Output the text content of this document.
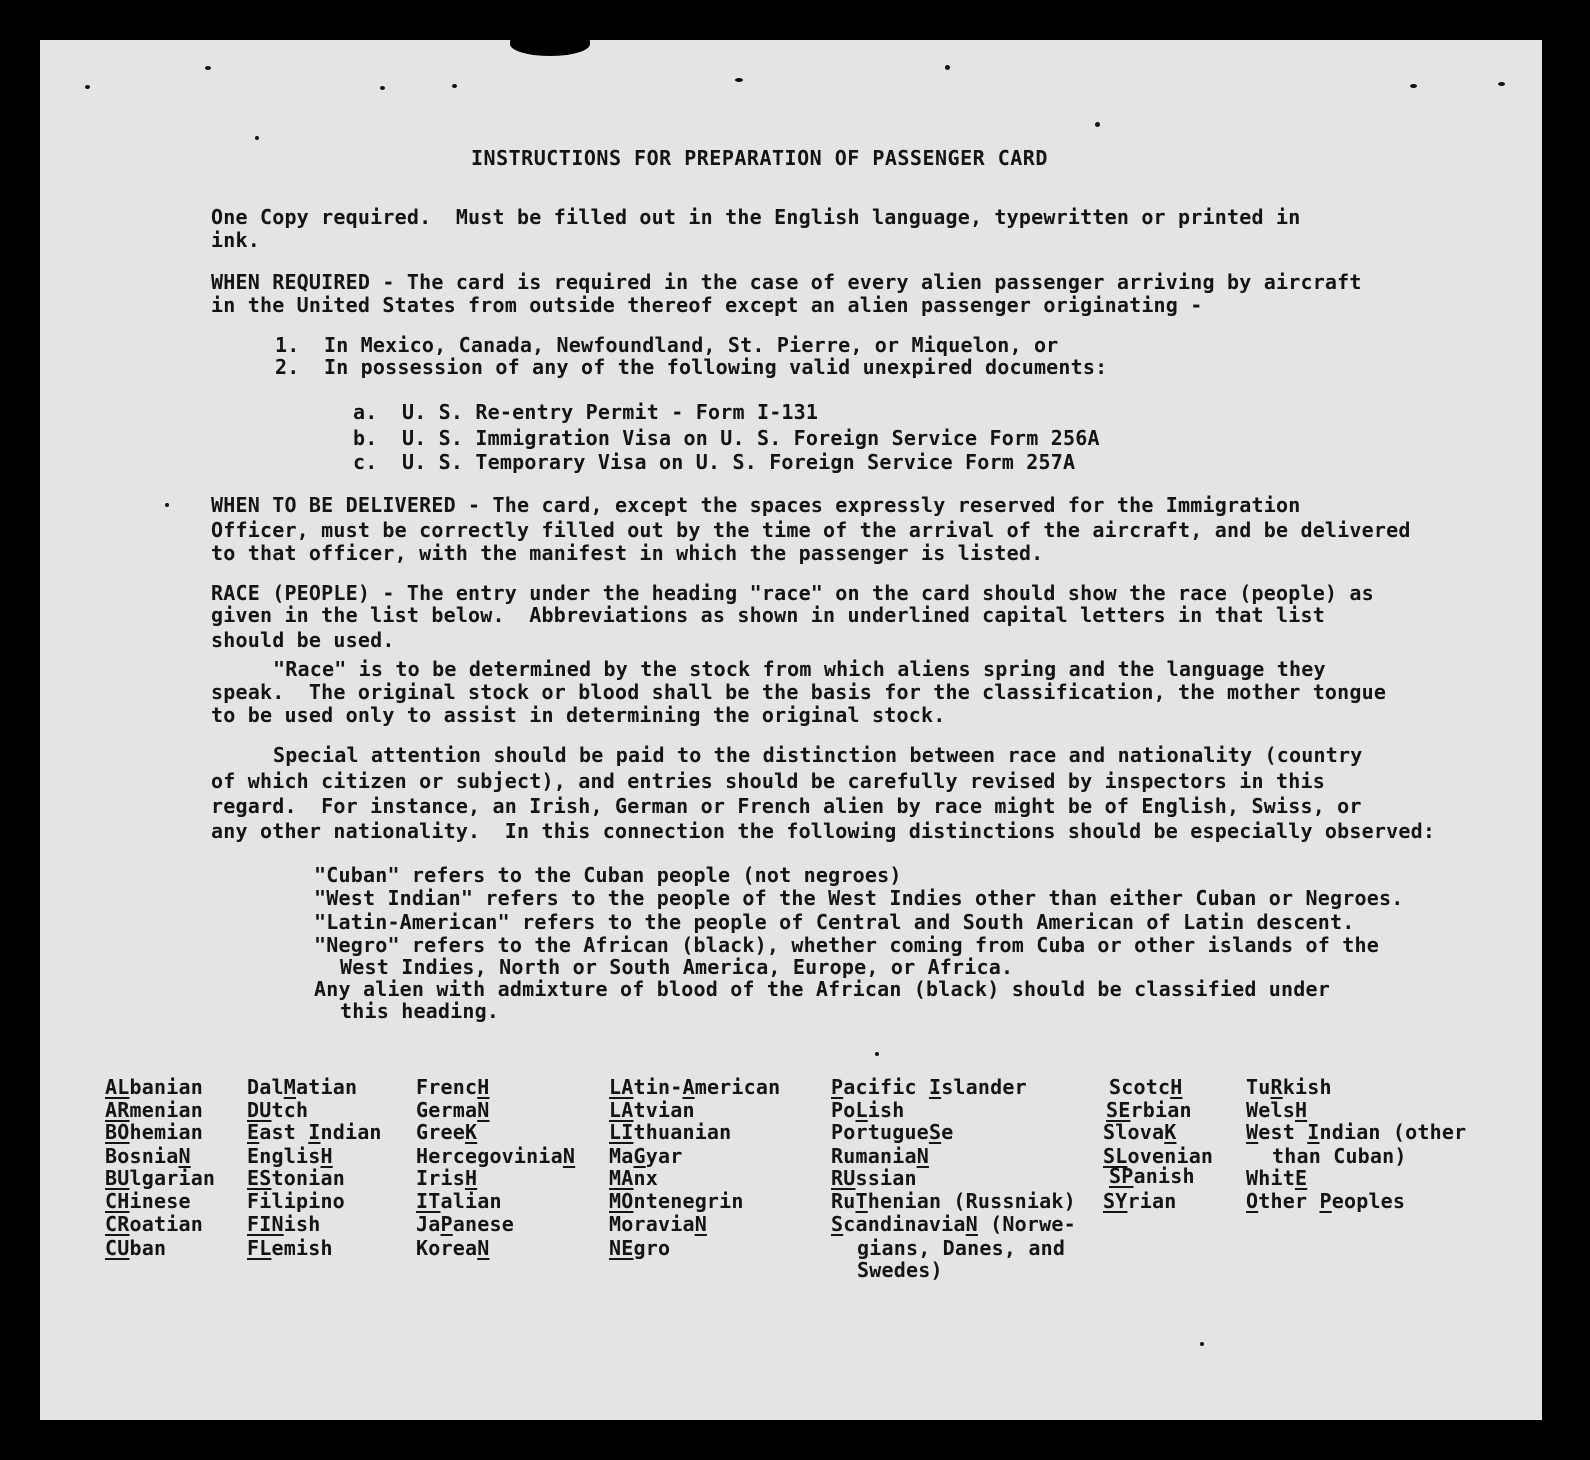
INSTRUCTIONS FOR PREPARATION OF PASSENGER CARD
One Copy required.  Must be filled out in the English language, typewritten or printed in
ink.
WHEN REQUIRED - The card is required in the case of every alien passenger arriving by aircraft
in the United States from outside thereof except an alien passenger originating -
1.  In Mexico, Canada, Newfoundland, St. Pierre, or Miquelon, or
2.  In possession of any of the following valid unexpired documents:
a.  U. S. Re-entry Permit - Form I-131
b.  U. S. Immigration Visa on U. S. Foreign Service Form 256A
c.  U. S. Temporary Visa on U. S. Foreign Service Form 257A
WHEN TO BE DELIVERED - The card, except the spaces expressly reserved for the Immigration
Officer, must be correctly filled out by the time of the arrival of the aircraft, and be delivered
to that officer, with the manifest in which the passenger is listed.
RACE (PEOPLE) - The entry under the heading "race" on the card should show the race (people) as
given in the list below.  Abbreviations as shown in underlined capital letters in that list
should be used.
"Race" is to be determined by the stock from which aliens spring and the language they
speak.  The original stock or blood shall be the basis for the classification, the mother tongue
to be used only to assist in determining the original stock.
Special attention should be paid to the distinction between race and nationality (country
of which citizen or subject), and entries should be carefully revised by inspectors in this
regard.  For instance, an Irish, German or French alien by race might be of English, Swiss, or
any other nationality.  In this connection the following distinctions should be especially observed:
"Cuban" refers to the Cuban people (not negroes)
"West Indian" refers to the people of the West Indies other than either Cuban or Negroes.
"Latin-American" refers to the people of Central and South American of Latin descent.
"Negro" refers to the African (black), whether coming from Cuba or other islands of the
West Indies, North or South America, Europe, or Africa.
Any alien with admixture of blood of the African (black) should be classified under
this heading.
ALbanian
ARmenian
BOhemian
BosniaN
BUlgarian
CHinese
CRoatian
CUban
DalMatian
DUtch
East Indian
EnglisH
EStonian
Filipino
FINish
FLemish
FrencH
GermaN
GreeK
HercegoviniaN
IrisH
ITalian
JaPanese
KoreaN
LAtin-American
LAtvian
LIthuanian
MaGyar
MAnx
MOntenegrin
MoraviaN
NEgro
Pacific Islander
PoLish
PortugueSe
RumaniaN
RUssian
RuThenian (Russniak)
ScandinaviaN (Norwe-
gians, Danes, and
Swedes)
ScotcH
SErbian
SlovaK
SLovenian
SPanish
SYrian
TuRkish
WelsH
West Indian (other
than Cuban)
WhitE
Other Peoples
